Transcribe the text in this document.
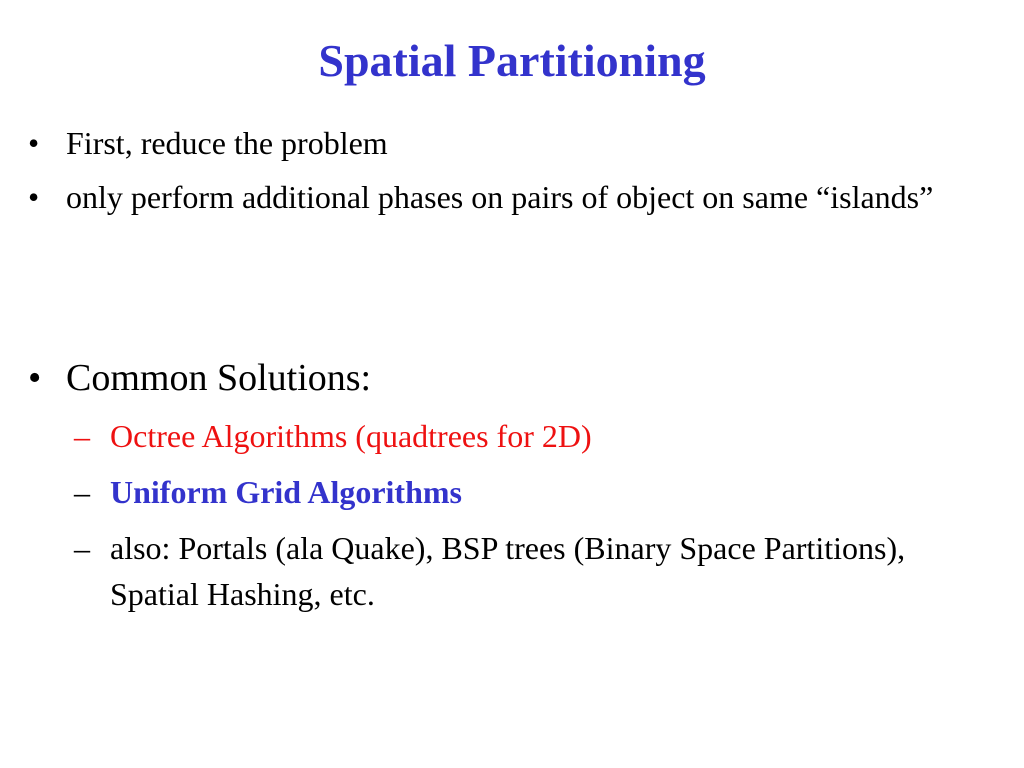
Spatial Partitioning
• First, reduce the problem
• only perform additional phases on pairs of object on same “islands”
• Common Solutions:
– Octree Algorithms (quadtrees for 2D)
– Uniform Grid Algorithms
– also: Portals (ala Quake), BSP trees (Binary Space Partitions), Spatial Hashing, etc.
